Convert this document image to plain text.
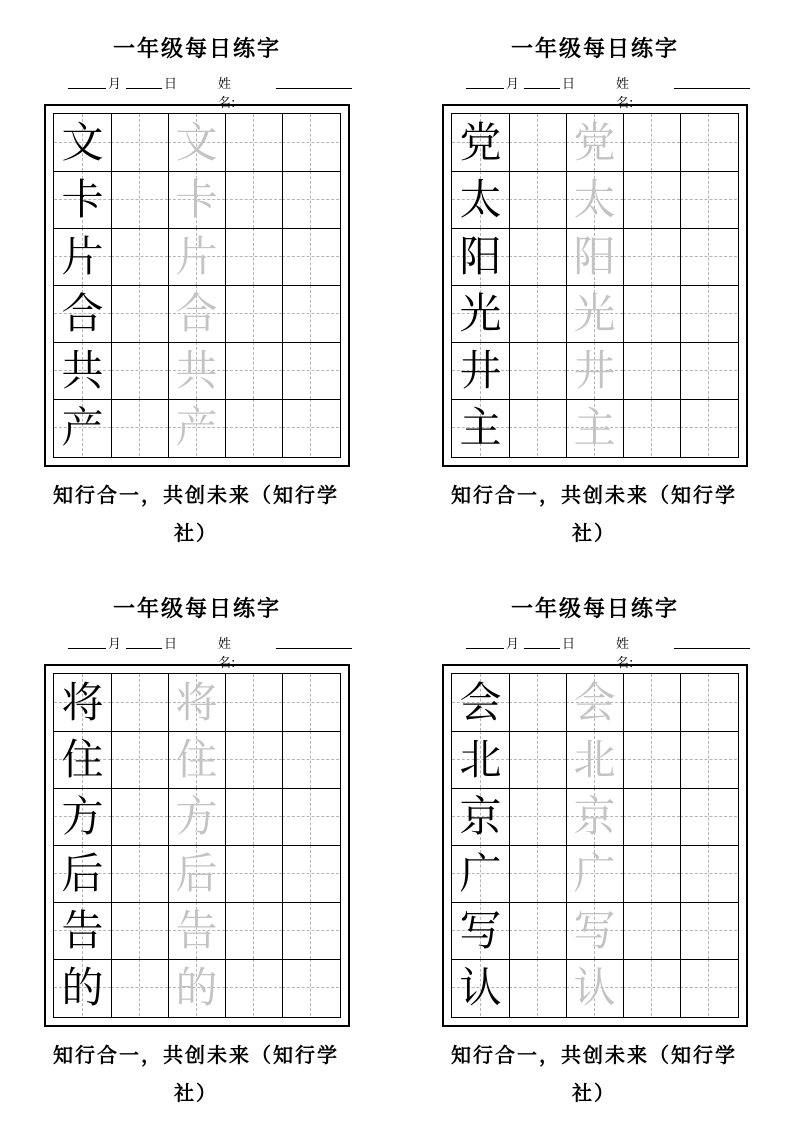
一年级每日练字
月	日	姓名:
文 文
卡 卡
片 片
合 合
共 共
产 产
知行合一，共创未来（知行学社）
一年级每日练字
月	日	姓名:
党 党
太 太
阳 阳
光 光
井 井
主 主
知行合一，共创未来（知行学社）
一年级每日练字
月	日	姓名:
将 将
住 住
方 方
后 后
告 告
的 的
知行合一，共创未来（知行学社）
一年级每日练字
月	日	姓名:
会 会
北 北
京 京
广 广
写 写
认 认
知行合一，共创未来（知行学社）
